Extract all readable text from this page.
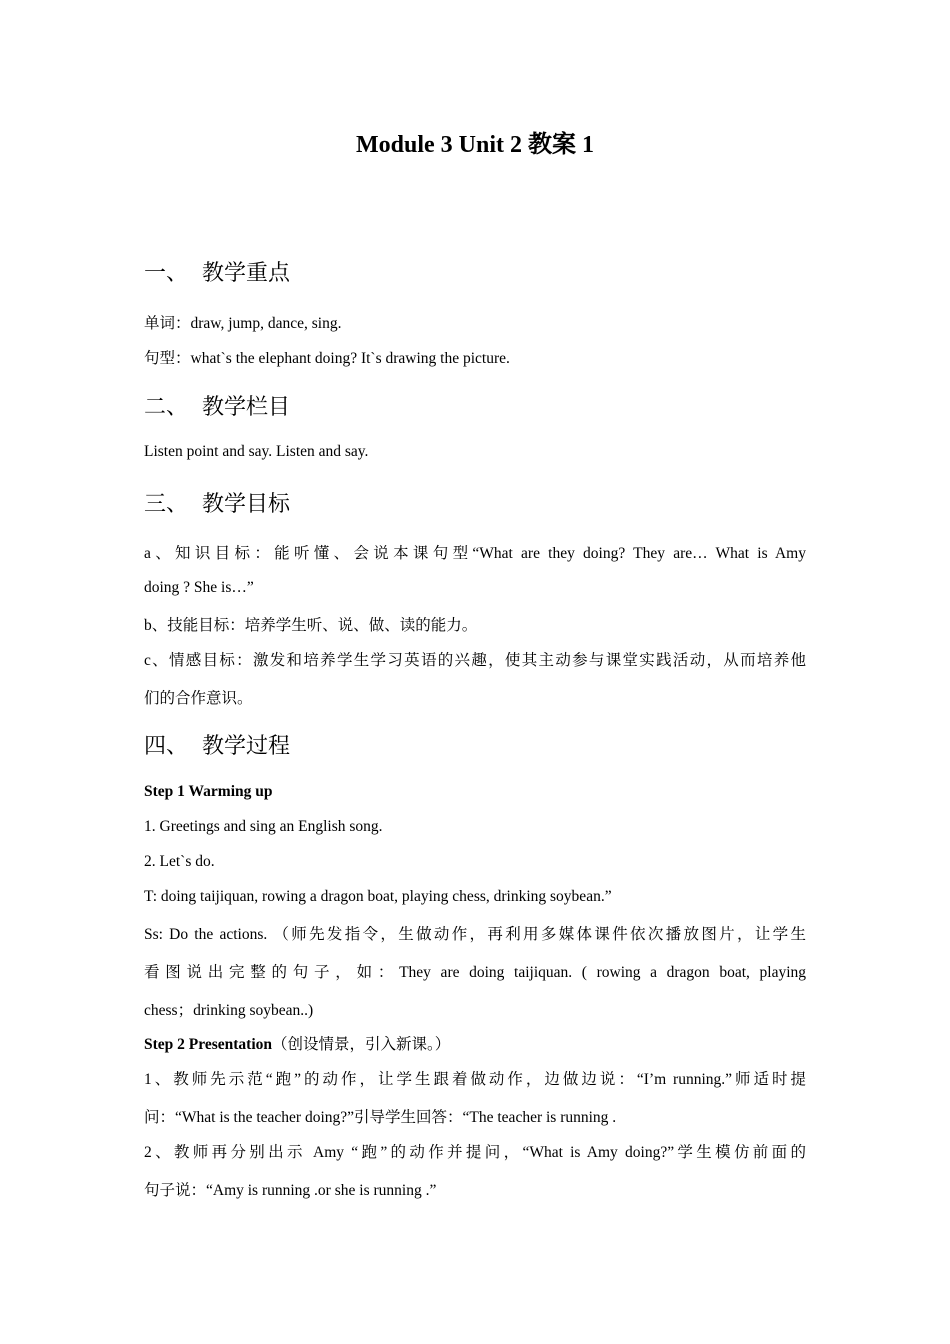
Module 3 Unit 2 教案 1
一、 教学重点
单词：draw, jump, dance, sing.
句型：what`s the elephant doing? It`s drawing the picture.
二、 教学栏目
Listen point and say. Listen and say.
三、 教学目标
a、知识目标：能听懂、会说本课句型“What are they doing? They are… What is Amy
doing ? She is…”
b、技能目标：培养学生听、说、做、读的能力。
c、情感目标：激发和培养学生学习英语的兴趣，使其主动参与课堂实践活动，从而培养他
们的合作意识。
四、 教学过程
Step 1 Warming up
1. Greetings and sing an English song.
2. Let`s do.
T: doing taijiquan, rowing a dragon boat, playing chess, drinking soybean.”
Ss: Do the actions. （师先发指令，生做动作，再利用多媒体课件依次播放图片，让学生
看图说出完整的句子，如：They are doing taijiquan. ( rowing a dragon boat, playing
chess；drinking soybean..)
Step 2 Presentation（创设情景，引入新课。）
1、教师先示范“跑”的动作，让学生跟着做动作，边做边说：“I’m running.”师适时提
问：“What is the teacher doing?”引导学生回答：“The teacher is running .
2、教师再分别出示 Amy “跑”的动作并提问，“What is Amy doing?”学生模仿前面的
句子说：“Amy is running .or she is running .”
